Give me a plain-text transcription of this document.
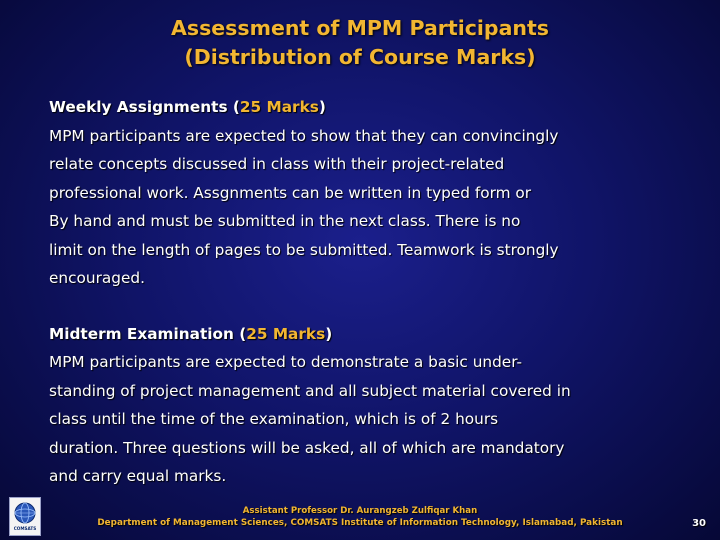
Assessment of MPM Participants
(Distribution of Course Marks)
Weekly Assignments (25 Marks)
MPM participants are expected to show that they can convincingly
relate concepts discussed in class with their project-related
professional work. Assgnments can be written in typed form or
By hand and must be submitted in the next class. There is no
limit on the length of pages to be submitted. Teamwork is strongly
encouraged.
Midterm Examination (25 Marks)
MPM participants are expected to demonstrate a basic under-
standing of project management and all subject material covered in
class until the time of the examination, which is of 2 hours
duration. Three questions will be asked, all of which are mandatory
and carry equal marks.
COMSATS
Assistant Professor Dr. Aurangzeb Zulfiqar Khan
Department of Management Sciences, COMSATS Institute of Information Technology, Islamabad, Pakistan	30
